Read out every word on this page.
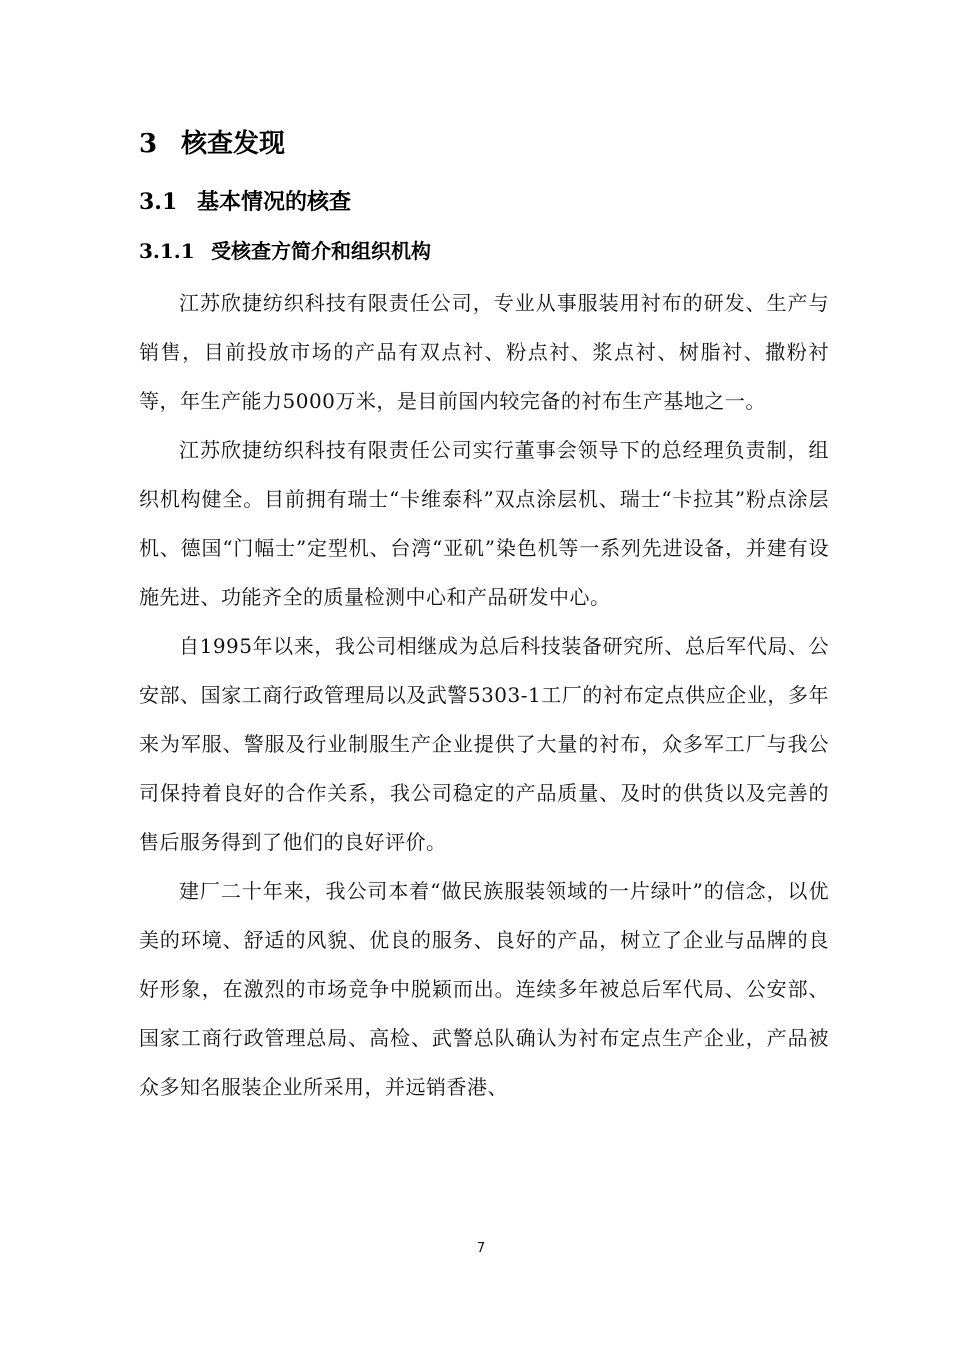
3 核查发现
3.1 基本情况的核查
3.1.1 受核查方简介和组织机构

江苏欣捷纺织科技有限责任公司，专业从事服装用衬布的研发、生产与销售，目前投放市场的产品有双点衬、粉点衬、浆点衬、树脂衬、撒粉衬等，年生产能力5000万米，是目前国内较完备的衬布生产基地之一。

江苏欣捷纺织科技有限责任公司实行董事会领导下的总经理负责制，组织机构健全。目前拥有瑞士“卡维泰科”双点涂层机、瑞士“卡拉其”粉点涂层机、德国“门幅士”定型机、台湾“亚矶”染色机等一系列先进设备，并建有设施先进、功能齐全的质量检测中心和产品研发中心。

自1995年以来，我公司相继成为总后科技装备研究所、总后军代局、公安部、国家工商行政管理局以及武警5303-1工厂的衬布定点供应企业，多年来为军服、警服及行业制服生产企业提供了大量的衬布，众多军工厂与我公司保持着良好的合作关系，我公司稳定的产品质量、及时的供货以及完善的售后服务得到了他们的良好评价。

建厂二十年来，我公司本着“做民族服装领域的一片绿叶”的信念，以优美的环境、舒适的风貌、优良的服务、良好的产品，树立了企业与品牌的良好形象，在激烈的市场竞争中脱颖而出。连续多年被总后军代局、公安部、国家工商行政管理总局、高检、武警总队确认为衬布定点生产企业，产品被众多知名服装企业所采用，并远销香港、

7
